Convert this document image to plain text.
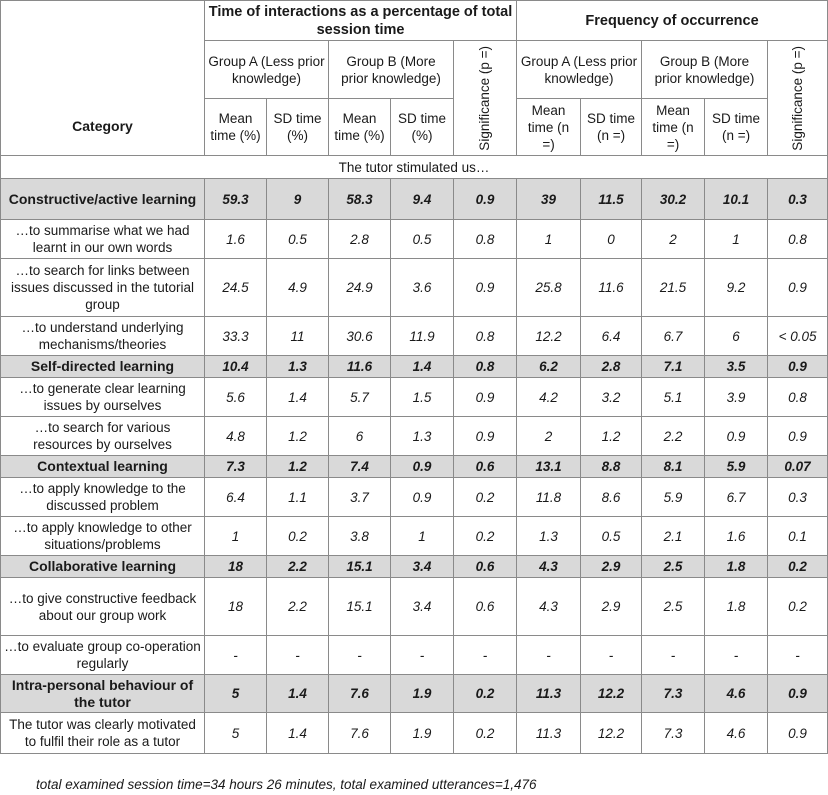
Category	Time of interactions as a percentage of total session time					Frequency of occurrence				
	Group A (Less prior knowledge)		Group B (More prior knowledge)		Significance (p =)	Group A (Less prior knowledge)		Group B (More prior knowledge)		Significance (p =)

	Mean time (%)	SD time (%)	Mean time (%)	SD time (%)		Mean time (n =)	SD time (n =)	Mean time (n =)	SD time (n =)	
The tutor stimulated us…										
Constructive/active learning	59.3	9	58.3	9.4	0.9	39	11.5	30.2	10.1	0.3
…to summarise what we had learnt in our own words	1.6	0.5	2.8	0.5	0.8	1	0	2	1	0.8
…to search for links between issues discussed in the tutorial group	24.5	4.9	24.9	3.6	0.9	25.8	11.6	21.5	9.2	0.9
…to understand underlying mechanisms/theories	33.3	11	30.6	11.9	0.8	12.2	6.4	6.7	6	< 0.05
Self-directed learning	10.4	1.3	11.6	1.4	0.8	6.2	2.8	7.1	3.5	0.9
…to generate clear learning issues by ourselves	5.6	1.4	5.7	1.5	0.9	4.2	3.2	5.1	3.9	0.8
…to search for various resources by ourselves	4.8	1.2	6	1.3	0.9	2	1.2	2.2	0.9	0.9
Contextual learning	7.3	1.2	7.4	0.9	0.6	13.1	8.8	8.1	5.9	0.07
…to apply knowledge to the discussed problem	6.4	1.1	3.7	0.9	0.2	11.8	8.6	5.9	6.7	0.3
…to apply knowledge to other situations/problems	1	0.2	3.8	1	0.2	1.3	0.5	2.1	1.6	0.1
Collaborative learning	18	2.2	15.1	3.4	0.6	4.3	2.9	2.5	1.8	0.2
…to give constructive feedback about our group work	18	2.2	15.1	3.4	0.6	4.3	2.9	2.5	1.8	0.2
…to evaluate group co-operation regularly	-	-	-	-	-	-	-	-	-	-
Intra-personal behaviour of the tutor	5	1.4	7.6	1.9	0.2	11.3	12.2	7.3	4.6	0.9
The tutor was clearly motivated to fulfil their role as a tutor	5	1.4	7.6	1.9	0.2	11.3	12.2	7.3	4.6	0.9
total examined session time=34 hours 26 minutes, total examined utterances=1,476
